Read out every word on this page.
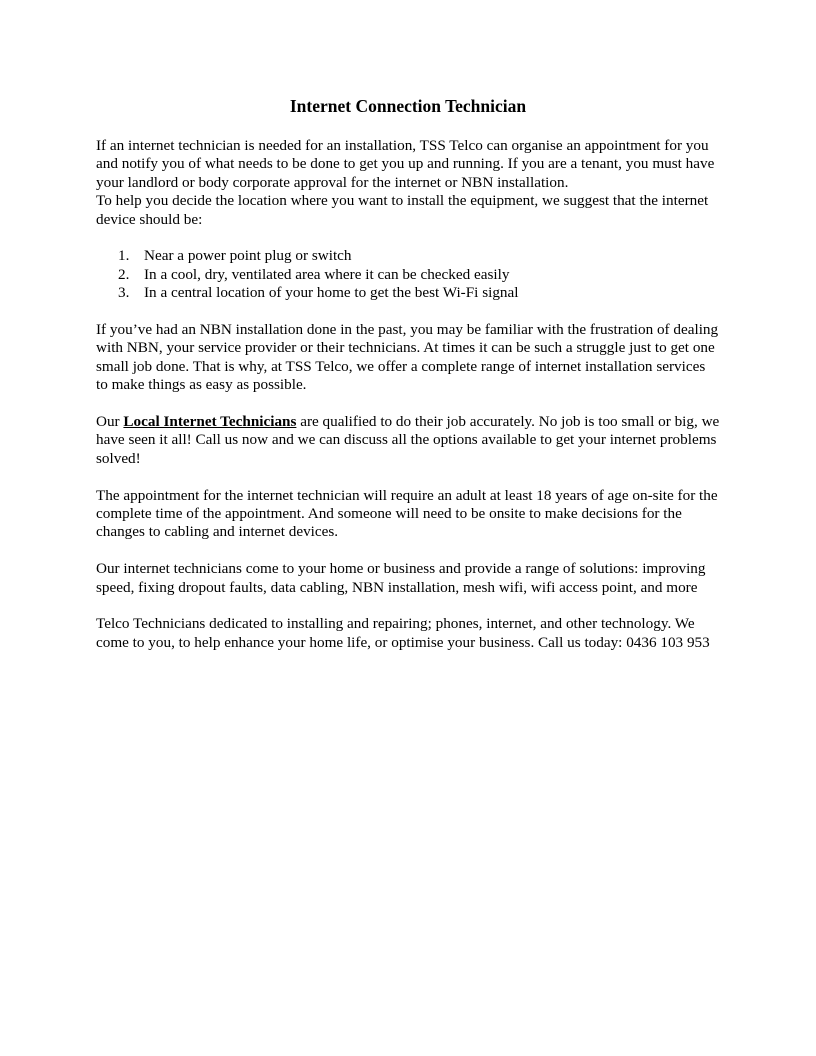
Internet Connection Technician

If an internet technician is needed for an installation, TSS Telco can organise an appointment for you and notify you of what needs to be done to get you up and running. If you are a tenant, you must have your landlord or body corporate approval for the internet or NBN installation.

To help you decide the location where you want to install the equipment, we suggest that the internet device should be:

1. Near a power point plug or switch
2. In a cool, dry, ventilated area where it can be checked easily
3. In a central location of your home to get the best Wi-Fi signal

If you’ve had an NBN installation done in the past, you may be familiar with the frustration of dealing with NBN, your service provider or their technicians. At times it can be such a struggle just to get one small job done. That is why, at TSS Telco, we offer a complete range of internet installation services to make things as easy as possible.

Our Local Internet Technicians are qualified to do their job accurately. No job is too small or big, we have seen it all! Call us now and we can discuss all the options available to get your internet problems solved!

The appointment for the internet technician will require an adult at least 18 years of age on-site for the complete time of the appointment. And someone will need to be onsite to make decisions for the changes to cabling and internet devices.

Our internet technicians come to your home or business and provide a range of solutions: improving speed, fixing dropout faults, data cabling, NBN installation, mesh wifi, wifi access point, and more

Telco Technicians dedicated to installing and repairing; phones, internet, and other technology. We come to you, to help enhance your home life, or optimise your business. Call us today: 0436 103 953
